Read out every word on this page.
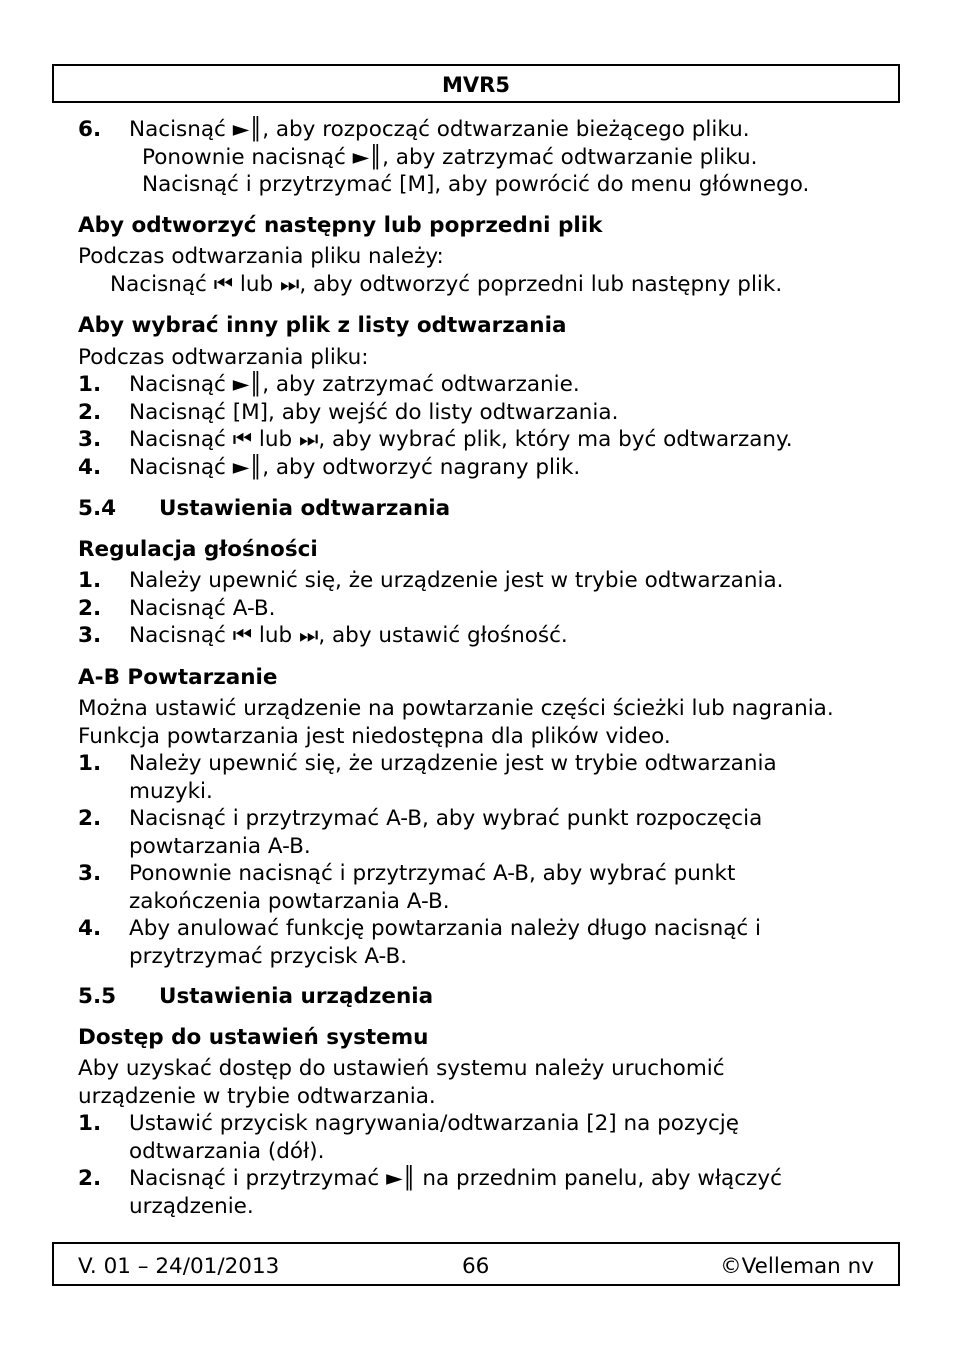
MVR5
6.	Nacisnąć ►║, aby rozpocząć odtwarzanie bieżącego pliku.
Ponownie nacisnąć ►║, aby zatrzymać odtwarzanie pliku.
Nacisnąć i przytrzymać [M], aby powrócić do menu głównego.
Aby odtworzyć następny lub poprzedni plik
Podczas odtwarzania pliku należy:
Nacisnąć ⏮ lub ⏭, aby odtworzyć poprzedni lub następny plik.
Aby wybrać inny plik z listy odtwarzania
Podczas odtwarzania pliku:
1.	Nacisnąć ►║, aby zatrzymać odtwarzanie.
2.	Nacisnąć [M], aby wejść do listy odtwarzania.
3.	Nacisnąć ⏮ lub ⏭, aby wybrać plik, który ma być odtwarzany.
4.	Nacisnąć ►║, aby odtworzyć nagrany plik.
5.4 Ustawienia odtwarzania
Regulacja głośności
1.	Należy upewnić się, że urządzenie jest w trybie odtwarzania.
2.	Nacisnąć A-B.
3.	Nacisnąć ⏮ lub ⏭, aby ustawić głośność.
A-B Powtarzanie
Można ustawić urządzenie na powtarzanie części ścieżki lub nagrania.
Funkcja powtarzania jest niedostępna dla plików video.
1.	Należy upewnić się, że urządzenie jest w trybie odtwarzania
muzyki.
2.	Nacisnąć i przytrzymać A-B, aby wybrać punkt rozpoczęcia
powtarzania A-B.
3.	Ponownie nacisnąć i przytrzymać A-B, aby wybrać punkt
zakończenia powtarzania A-B.
4.	Aby anulować funkcję powtarzania należy długo nacisnąć i
przytrzymać przycisk A-B.
5.5 Ustawienia urządzenia
Dostęp do ustawień systemu
Aby uzyskać dostęp do ustawień systemu należy uruchomić
urządzenie w trybie odtwarzania.
1.	Ustawić przycisk nagrywania/odtwarzania [2] na pozycję
odtwarzania (dół).
2.	Nacisnąć i przytrzymać ►║ na przednim panelu, aby włączyć
urządzenie.
V. 01 – 24/01/2013	66	©Velleman nv
